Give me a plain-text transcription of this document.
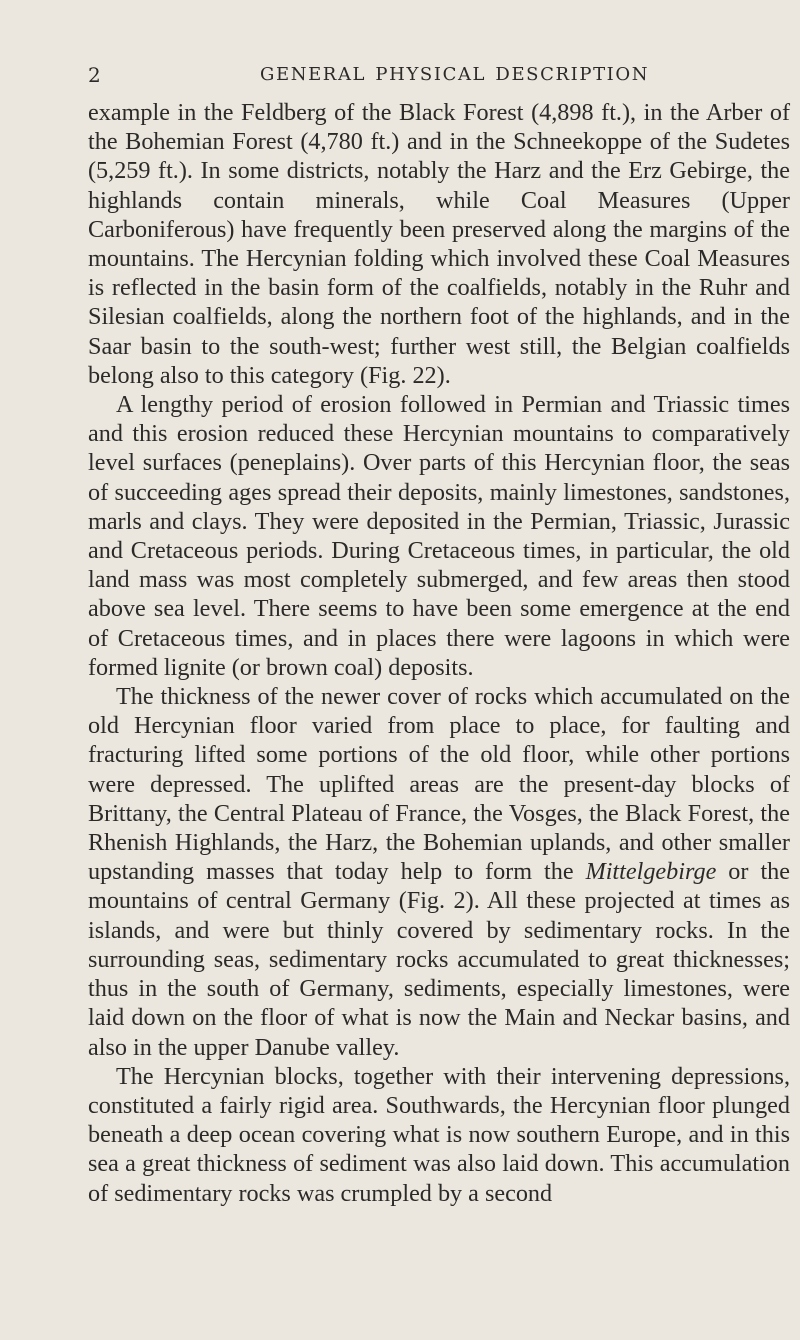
2	GENERAL PHYSICAL DESCRIPTION

example in the Feldberg of the Black Forest (4,898 ft.), in the Arber of the Bohemian Forest (4,780 ft.) and in the Schneekoppe of the Sudetes (5,259 ft.). In some districts, notably the Harz and the Erz Gebirge, the highlands contain minerals, while Coal Measures (Upper Carboniferous) have frequently been preserved along the margins of the mountains. The Hercynian folding which involved these Coal Measures is reflected in the basin form of the coalfields, notably in the Ruhr and Silesian coalfields, along the northern foot of the highlands, and in the Saar basin to the south-west; further west still, the Belgian coalfields belong also to this category (Fig. 22).

A lengthy period of erosion followed in Permian and Triassic times and this erosion reduced these Hercynian mountains to comparatively level surfaces (peneplains). Over parts of this Hercynian floor, the seas of succeeding ages spread their deposits, mainly limestones, sandstones, marls and clays. They were deposited in the Permian, Triassic, Jurassic and Cretaceous periods. During Cretaceous times, in particular, the old land mass was most completely submerged, and few areas then stood above sea level. There seems to have been some emergence at the end of Cretaceous times, and in places there were lagoons in which were formed lignite (or brown coal) deposits.

The thickness of the newer cover of rocks which accumulated on the old Hercynian floor varied from place to place, for faulting and fracturing lifted some portions of the old floor, while other portions were depressed. The uplifted areas are the present-day blocks of Brittany, the Central Plateau of France, the Vosges, the Black Forest, the Rhenish Highlands, the Harz, the Bohemian uplands, and other smaller upstanding masses that today help to form the Mittelgebirge or the mountains of central Germany (Fig. 2). All these projected at times as islands, and were but thinly covered by sedimentary rocks. In the surrounding seas, sedimentary rocks accumulated to great thicknesses; thus in the south of Germany, sediments, especially limestones, were laid down on the floor of what is now the Main and Neckar basins, and also in the upper Danube valley.

The Hercynian blocks, together with their intervening depressions, constituted a fairly rigid area. Southwards, the Hercynian floor plunged beneath a deep ocean covering what is now southern Europe, and in this sea a great thickness of sediment was also laid down. This accumulation of sedimentary rocks was crumpled by a second
